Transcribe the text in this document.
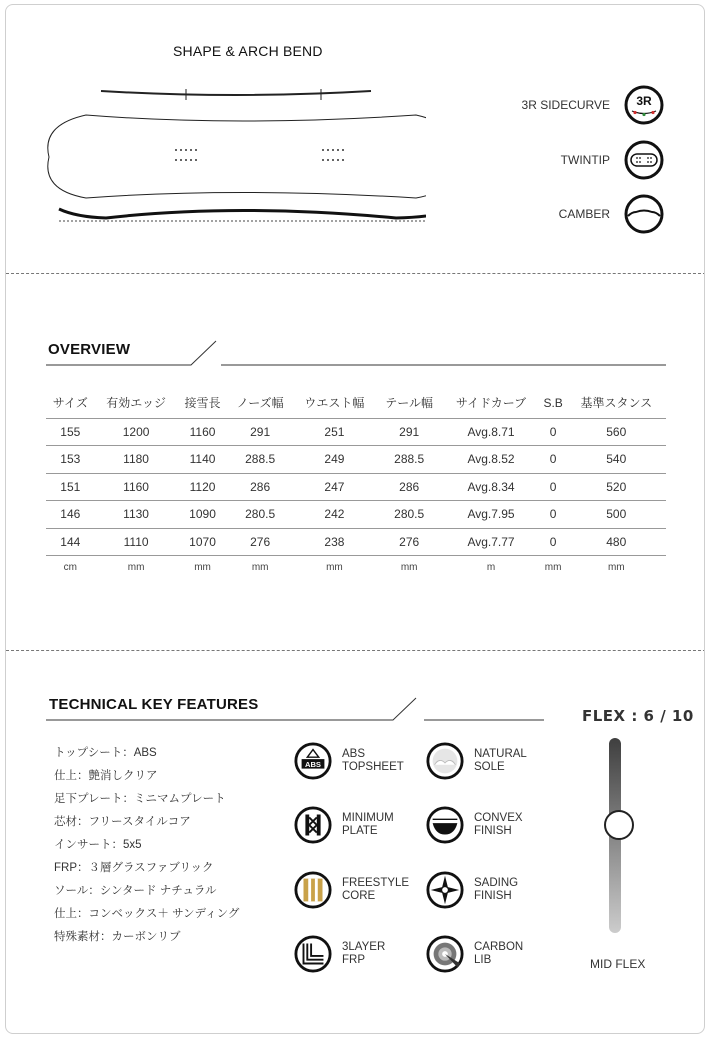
SHAPE & ARCH BEND
3R SIDECURVE 3R
TWINTIP
CAMBER
OVERVIEW
サイズ	有効エッジ	接雪長	ノーズ幅	ウエスト幅	テール幅	サイドカーブ	S.B	基準スタンス
155	1200	1160	291	251	291	Avg.8.71	0	560
153	1180	1140	288.5	249	288.5	Avg.8.52	0	540
151	1160	1120	286	247	286	Avg.8.34	0	520
146	1130	1090	280.5	242	280.5	Avg.7.95	0	500
144	1110	1070	276	238	276	Avg.7.77	0	480
cm	mm	mm	mm	mm	mm	m	mm	mm
TECHNICAL KEY FEATURES
トップシート：ABS
仕上：艶消しクリア
足下プレート：ミニマムプレート
芯材：フリースタイルコア
インサート：5x5
FRP：３層グラスファブリック
ソール：シンタード ナチュラル
仕上：コンベックス＋ サンディング
特殊素材：カーボンリブ
ABS
ABS
TOPSHEET
NATURAL
SOLE
MINIMUM
PLATE
CONVEX
FINISH
FREESTYLE
CORE
SADING
FINISH
3LAYER
FRP
CARBON
LIB
FLEX : 6 / 10
MID FLEX
